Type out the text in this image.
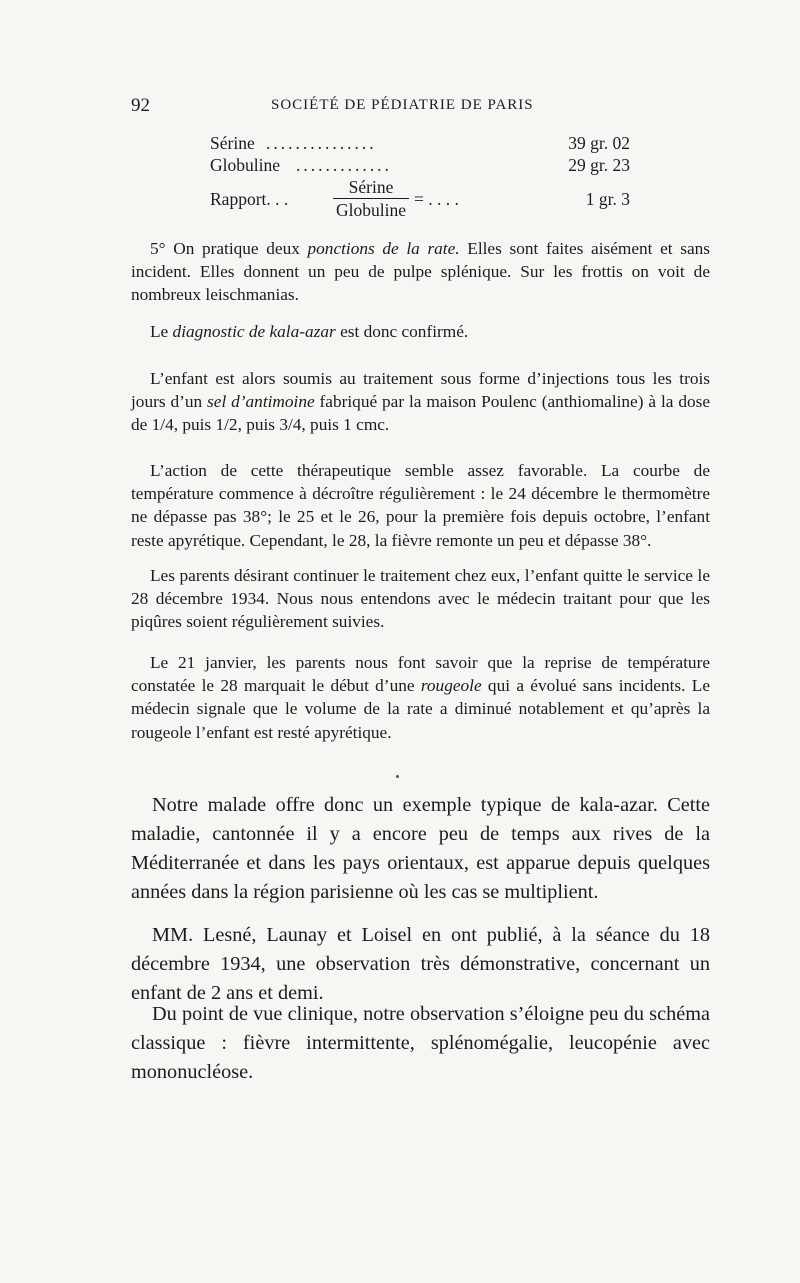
92	SOCIÉTÉ DE PÉDIATRIE DE PARIS
Sérine ...............	39 gr. 02
Globuline .............	29 gr. 23
Rapport. . .	= . . . .	1 gr. 3
Sérine
Globuline

5° On pratique deux ponctions de la rate. Elles sont faites aisément et sans incident. Elles donnent un peu de pulpe splénique. Sur les frottis on voit de nombreux leischmanias.

Le diagnostic de kala-azar est donc confirmé.

L’enfant est alors soumis au traitement sous forme d’injections tous les trois jours d’un sel d’antimoine fabriqué par la maison Poulenc (anthiomaline) à la dose de 1/4, puis 1/2, puis 3/4, puis 1 cmc.

L’action de cette thérapeutique semble assez favorable. La courbe de température commence à décroître régulièrement : le 24 décembre le thermomètre ne dépasse pas 38°; le 25 et le 26, pour la première fois depuis octobre, l’enfant reste apyrétique. Cependant, le 28, la fièvre remonte un peu et dépasse 38°.

Les parents désirant continuer le traitement chez eux, l’enfant quitte le service le 28 décembre 1934. Nous nous entendons avec le médecin traitant pour que les piqûres soient régulièrement suivies.

Le 21 janvier, les parents nous font savoir que la reprise de température constatée le 28 marquait le début d’une rougeole qui a évolué sans incidents. Le médecin signale que le volume de la rate a diminué notablement et qu’après la rougeole l’enfant est resté apyrétique.

Notre malade offre donc un exemple typique de kala-azar. Cette maladie, cantonnée il y a encore peu de temps aux rives de la Méditerranée et dans les pays orientaux, est apparue depuis quelques années dans la région parisienne où les cas se multiplient.

MM. Lesné, Launay et Loisel en ont publié, à la séance du 18 décembre 1934, une observation très démonstrative, concernant un enfant de 2 ans et demi.

Du point de vue clinique, notre observation s’éloigne peu du schéma classique : fièvre intermittente, splénomégalie, leucopénie avec mononucléose.
